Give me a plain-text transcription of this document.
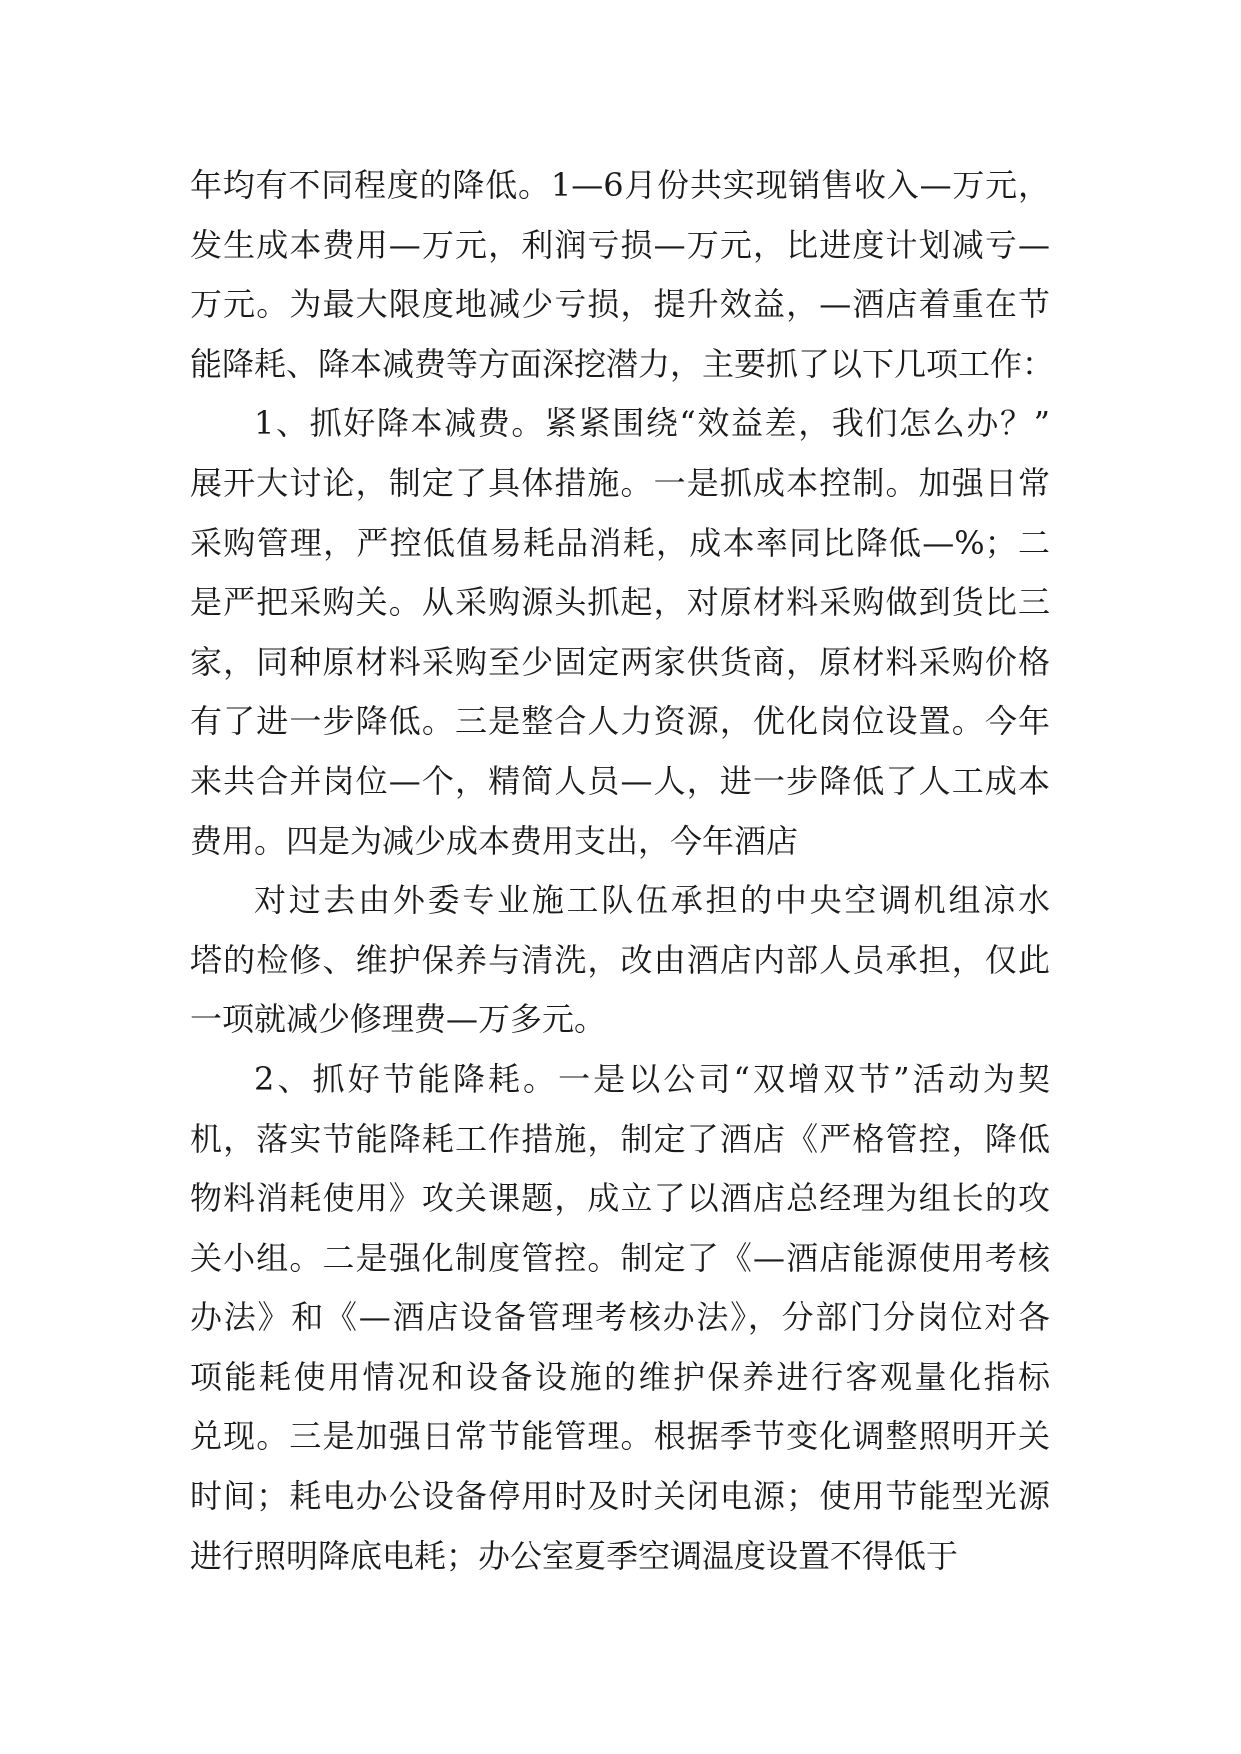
年均有不同程度的降低。1—6月份共实现销售收入—万元，
发生成本费用—万元，利润亏损—万元，比进度计划减亏—
万元。为最大限度地减少亏损，提升效益，—酒店着重在节
能降耗、降本减费等方面深挖潜力，主要抓了以下几项工作：
1、抓好降本减费。紧紧围绕“效益差，我们怎么办？”
展开大讨论，制定了具体措施。一是抓成本控制。加强日常
采购管理，严控低值易耗品消耗，成本率同比降低—%；二
是严把采购关。从采购源头抓起，对原材料采购做到货比三
家，同种原材料采购至少固定两家供货商，原材料采购价格
有了进一步降低。三是整合人力资源，优化岗位设置。今年
来共合并岗位—个，精简人员—人，进一步降低了人工成本
费用。四是为减少成本费用支出，今年酒店
对过去由外委专业施工队伍承担的中央空调机组凉水
塔的检修、维护保养与清洗，改由酒店内部人员承担，仅此
一项就减少修理费—万多元。
2、抓好节能降耗。一是以公司“双增双节”活动为契
机，落实节能降耗工作措施，制定了酒店《严格管控，降低
物料消耗使用》攻关课题，成立了以酒店总经理为组长的攻
关小组。二是强化制度管控。制定了《—酒店能源使用考核
办法》和《—酒店设备管理考核办法》，分部门分岗位对各
项能耗使用情况和设备设施的维护保养进行客观量化指标
兑现。三是加强日常节能管理。根据季节变化调整照明开关
时间；耗电办公设备停用时及时关闭电源；使用节能型光源
进行照明降底电耗；办公室夏季空调温度设置不得低于
